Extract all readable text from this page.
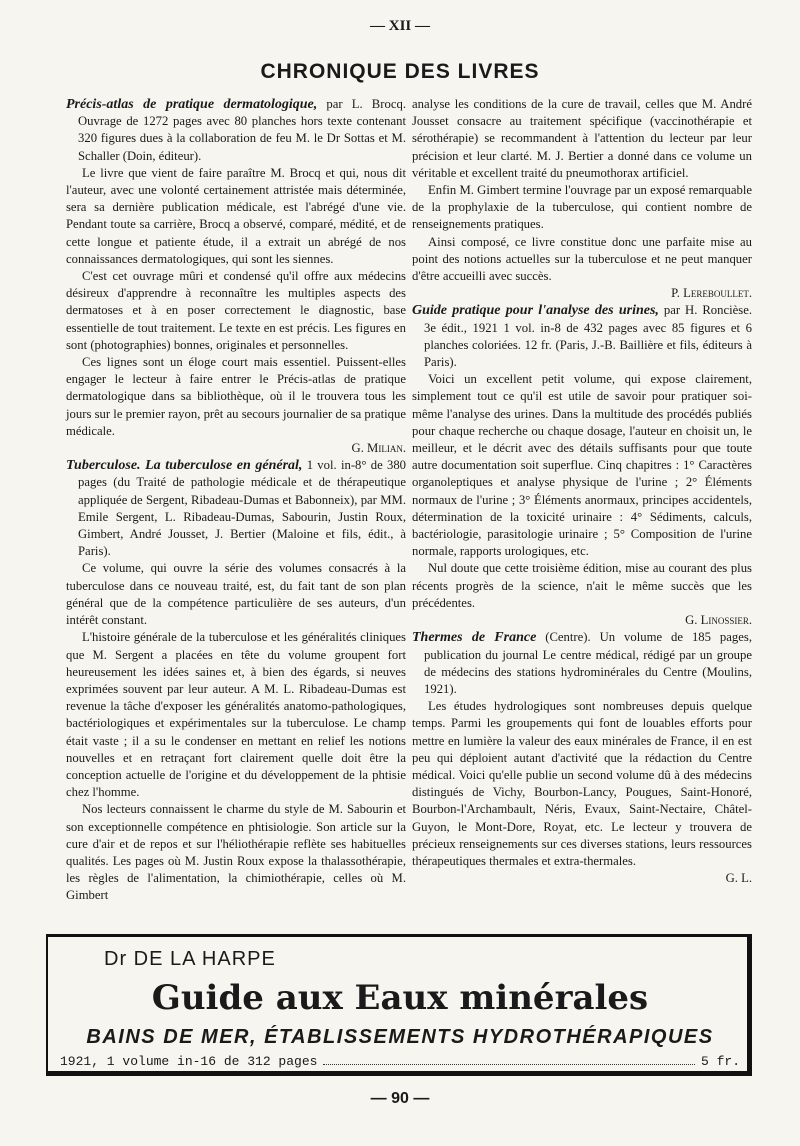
— XII —
CHRONIQUE DES LIVRES

Précis-atlas de pratique dermatologique, par L. Brocq. Ouvrage de 1272 pages avec 80 planches hors texte contenant 320 figures dues à la collaboration de feu M. le Dr Sottas et M. Schaller (Doin, éditeur).

Le livre que vient de faire paraître M. Brocq et qui, nous dit l'auteur, avec une volonté certainement attristée mais déterminée, sera sa dernière publication médicale, est l'abrégé d'une vie. Pendant toute sa carrière, Brocq a observé, comparé, médité, et de cette longue et patiente étude, il a extrait un abrégé de nos connaissances dermatologiques, qui sont les siennes.

C'est cet ouvrage mûri et condensé qu'il offre aux médecins désireux d'apprendre à reconnaître les multiples aspects des dermatoses et à en poser correctement le diagnostic, base essentielle de tout traitement. Le texte en est précis. Les figures en sont (photographies) bonnes, originales et personnelles.

Ces lignes sont un éloge court mais essentiel. Puissent-elles engager le lecteur à faire entrer le Précis-atlas de pratique dermatologique dans sa bibliothèque, où il le trouvera tous les jours sur le premier rayon, prêt au secours journalier de sa pratique médicale.

G. Milian.

Tuberculose. La tuberculose en général, 1 vol. in-8° de 380 pages (du Traité de pathologie médicale et de thérapeutique appliquée de Sergent, Ribadeau-Dumas et Babonneix), par MM. Emile Sergent, L. Ribadeau-Dumas, Sabourin, Justin Roux, Gimbert, André Jousset, J. Bertier (Maloine et fils, édit., à Paris).

Ce volume, qui ouvre la série des volumes consacrés à la tuberculose dans ce nouveau traité, est, du fait tant de son plan général que de la compétence particulière de ses auteurs, d'un intérêt constant.

L'histoire générale de la tuberculose et les généralités cliniques que M. Sergent a placées en tête du volume groupent fort heureusement les idées saines et, à bien des égards, si neuves exprimées souvent par leur auteur. A M. L. Ribadeau-Dumas est revenue la tâche d'exposer les généralités anatomo-pathologiques, bactériologiques et expérimentales sur la tuberculose. Le champ était vaste ; il a su le condenser en mettant en relief les notions nouvelles et en retraçant fort clairement quelle doit être la conception actuelle de l'origine et du développement de la phtisie chez l'homme.

Nos lecteurs connaissent le charme du style de M. Sabourin et son exceptionnelle compétence en phtisiologie. Son article sur la cure d'air et de repos et sur l'héliothérapie reflète ses habituelles qualités. Les pages où M. Justin Roux expose la thalassothérapie, les règles de l'alimentation, la chimiothérapie, celles où M. Gimbert

analyse les conditions de la cure de travail, celles que M. André Jousset consacre au traitement spécifique (vaccinothérapie et sérothérapie) se recommandent à l'attention du lecteur par leur précision et leur clarté. M. J. Bertier a donné dans ce volume un véritable et excellent traité du pneumothorax artificiel.

Enfin M. Gimbert termine l'ouvrage par un exposé remarquable de la prophylaxie de la tuberculose, qui contient nombre de renseignements pratiques.

Ainsi composé, ce livre constitue donc une parfaite mise au point des notions actuelles sur la tuberculose et ne peut manquer d'être accueilli avec succès.

P. Lereboullet.

Guide pratique pour l'analyse des urines, par H. Roncièse. 3e édit., 1921 1 vol. in-8 de 432 pages avec 85 figures et 6 planches coloriées. 12 fr. (Paris, J.-B. Baillière et fils, éditeurs à Paris).

Voici un excellent petit volume, qui expose clairement, simplement tout ce qu'il est utile de savoir pour pratiquer soi-même l'analyse des urines. Dans la multitude des procédés publiés pour chaque recherche ou chaque dosage, l'auteur en choisit un, le meilleur, et le décrit avec des détails suffisants pour que toute autre documentation soit superflue. Cinq chapitres : 1° Caractères organoleptiques et analyse physique de l'urine ; 2° Éléments normaux de l'urine ; 3° Éléments anormaux, principes accidentels, détermination de la toxicité urinaire : 4° Sédiments, calculs, bactériologie, parasitologie urinaire ; 5° Composition de l'urine normale, rapports urologiques, etc.

Nul doute que cette troisième édition, mise au courant des plus récents progrès de la science, n'ait le même succès que les précédentes.

G. Linossier.

Thermes de France (Centre). Un volume de 185 pages, publication du journal Le centre médical, rédigé par un groupe de médecins des stations hydrominérales du Centre (Moulins, 1921).

Les études hydrologiques sont nombreuses depuis quelque temps. Parmi les groupements qui font de louables efforts pour mettre en lumière la valeur des eaux minérales de France, il en est peu qui déploient autant d'activité que la rédaction du Centre médical. Voici qu'elle publie un second volume dû à des médecins distingués de Vichy, Bourbon-Lancy, Pougues, Saint-Honoré, Bourbon-l'Archambault, Néris, Evaux, Saint-Nectaire, Châtel-Guyon, le Mont-Dore, Royat, etc. Le lecteur y trouvera de précieux renseignements sur ces diverses stations, leurs ressources thérapeutiques thermales et extra-thermales.

G. L.

Dr DE LA HARPE
Guide aux Eaux minérales
BAINS DE MER, ÉTABLISSEMENTS HYDROTHÉRAPIQUES
1921, 1 volume in-16 de 312 pages	5 fr.
— 90 —
